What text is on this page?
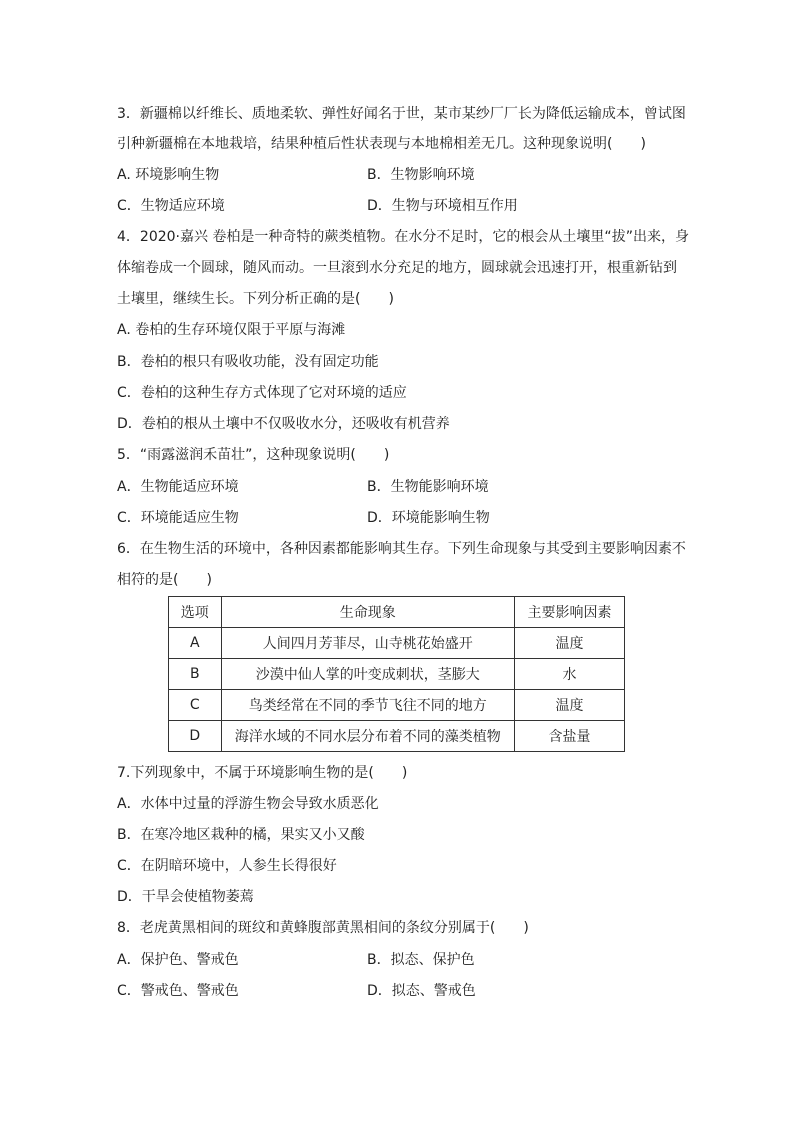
3．新疆棉以纤维长、质地柔软、弹性好闻名于世，某市某纱厂厂长为降低运输成本，曾试图
引种新疆棉在本地栽培，结果种植后性状表现与本地棉相差无几。这种现象说明(　　)
A. 环境影响生物	B．生物影响环境
C．生物适应环境	D．生物与环境相互作用
4．2020·嘉兴 卷柏是一种奇特的蕨类植物。在水分不足时，它的根会从土壤里“拔”出来，身
体缩卷成一个圆球，随风而动。一旦滚到水分充足的地方，圆球就会迅速打开，根重新钻到
土壤里，继续生长。下列分析正确的是(　　)
A. 卷柏的生存环境仅限于平原与海滩
B．卷柏的根只有吸收功能，没有固定功能
C．卷柏的这种生存方式体现了它对环境的适应
D．卷柏的根从土壤中不仅吸收水分，还吸收有机营养
5．“雨露滋润禾苗壮”，这种现象说明(　　)
A．生物能适应环境	B．生物能影响环境
C．环境能适应生物	D．环境能影响生物
6．在生物生活的环境中，各种因素都能影响其生存。下列生命现象与其受到主要影响因素不
相符的是(　　)
选项	生命现象	主要影响因素
A	人间四月芳菲尽，山寺桃花始盛开	温度
B	沙漠中仙人掌的叶变成刺状，茎膨大	水
C	鸟类经常在不同的季节飞往不同的地方	温度
D	海洋水域的不同水层分布着不同的藻类植物	含盐量
7.下列现象中，不属于环境影响生物的是(　　)
A．水体中过量的浮游生物会导致水质恶化
B．在寒冷地区栽种的橘，果实又小又酸
C．在阴暗环境中，人参生长得很好
D．干旱会使植物萎蔫
8．老虎黄黑相间的斑纹和黄蜂腹部黄黑相间的条纹分别属于(　　)
A．保护色、警戒色	B．拟态、保护色
C．警戒色、警戒色	D．拟态、警戒色
